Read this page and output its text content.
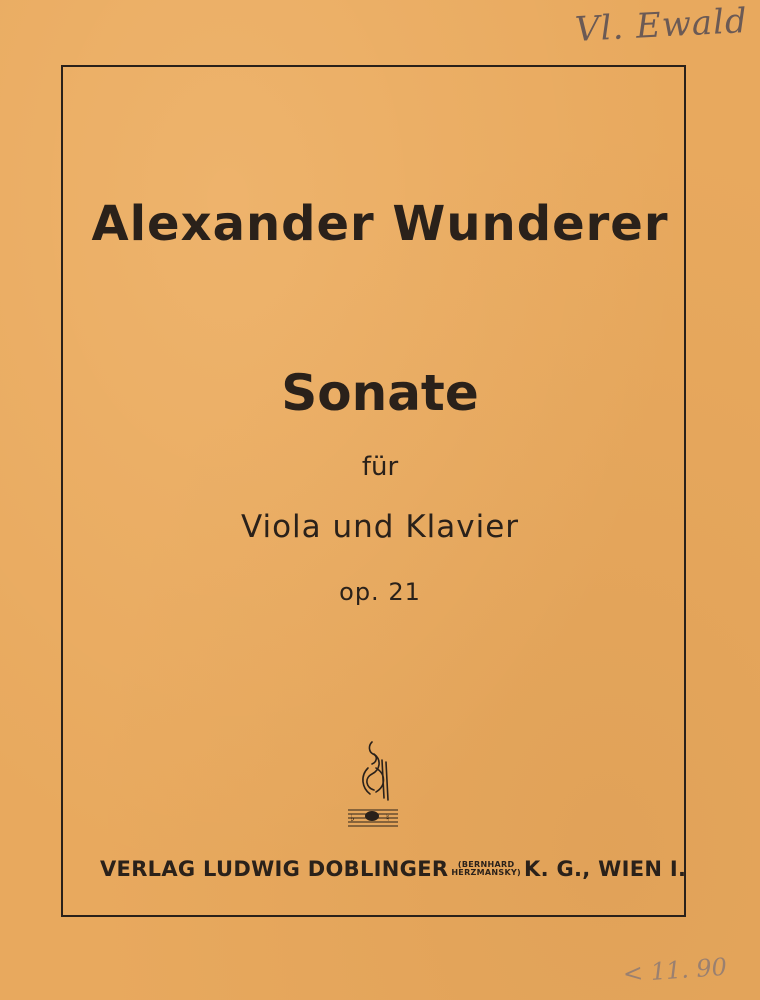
Vl. Ewald
Alexander Wunderer
Sonate
für
Viola und Klavier
op. 21
♭	♮
VERLAG LUDWIG DOBLINGER	(BERNHARD
HERZMANSKY) K. G., WIEN I.
< 11. 90
